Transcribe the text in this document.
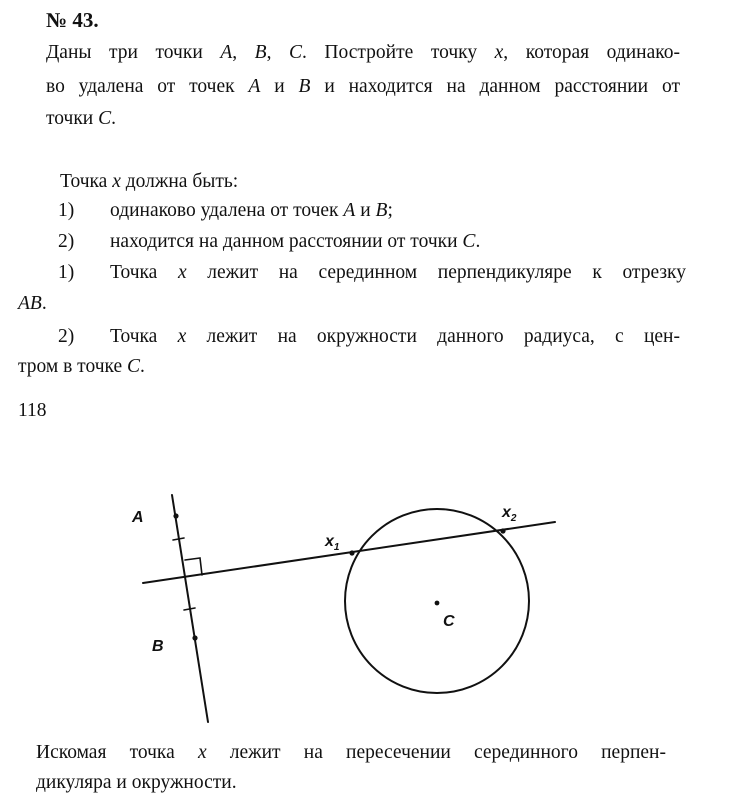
№ 43.
Даны три точки A, B, C. Постройте точку x, которая одинако-
во удалена от точек A и B и находится на данном расстоянии от
точки C.
Точка x должна быть:
1) одинаково удалена от точек A и B;
2) находится на данном расстоянии от точки C.
1) Точка x лежит на серединном перпендикуляре к отрезку
AB.
2) Точка x лежит на окружности данного радиуса, с цен-
тром в точке C.
118
A
B
C
$x_1$
$x_2$
Искомая точка x лежит на пересечении серединного перпен-
дикуляра и окружности.
